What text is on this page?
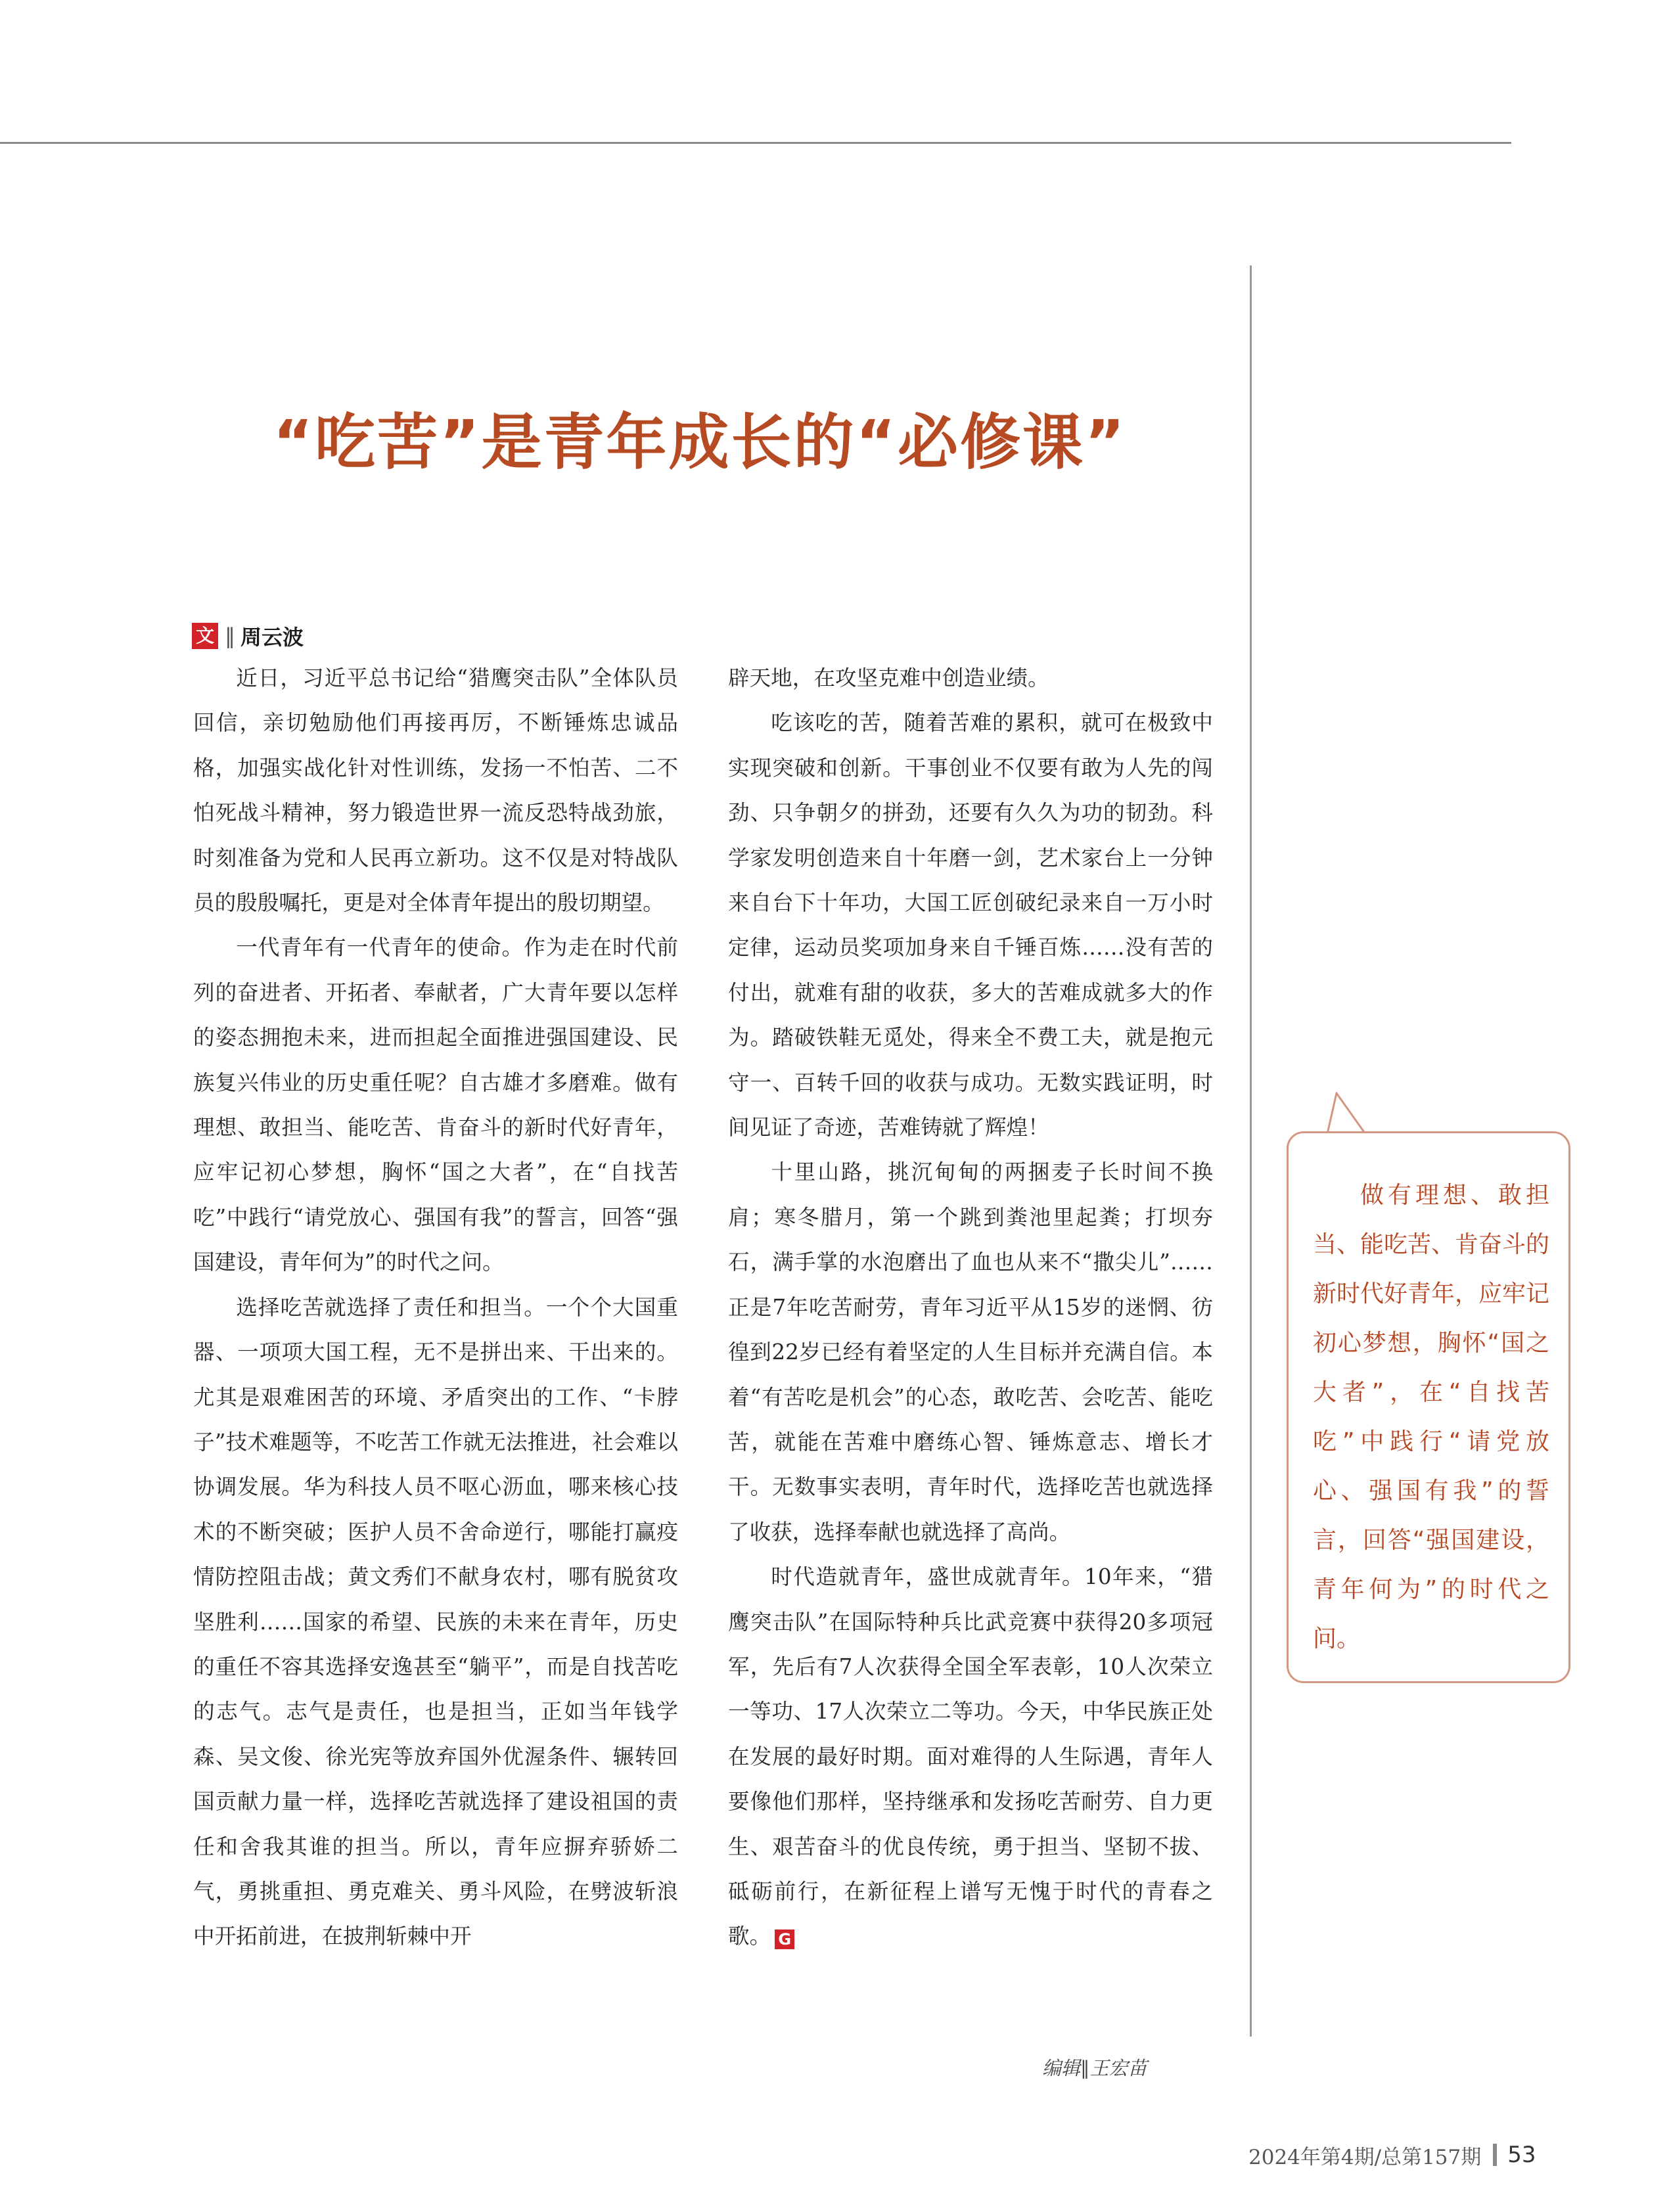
“吃苦”是青年成长的“必修课”
文 ‖ 周云波

近日，习近平总书记给“猎鹰突击队”全体队员回信，亲切勉励他们再接再厉，不断锤炼忠诚品格，加强实战化针对性训练，发扬一不怕苦、二不怕死战斗精神，努力锻造世界一流反恐特战劲旅，时刻准备为党和人民再立新功。这不仅是对特战队员的殷殷嘱托，更是对全体青年提出的殷切期望。

一代青年有一代青年的使命。作为走在时代前列的奋进者、开拓者、奉献者，广大青年要以怎样的姿态拥抱未来，进而担起全面推进强国建设、民族复兴伟业的历史重任呢？自古雄才多磨难。做有理想、敢担当、能吃苦、肯奋斗的新时代好青年，应牢记初心梦想，胸怀“国之大者”，在“自找苦吃”中践行“请党放心、强国有我”的誓言，回答“强国建设，青年何为”的时代之问。

选择吃苦就选择了责任和担当。一个个大国重器、一项项大国工程，无不是拼出来、干出来的。尤其是艰难困苦的环境、矛盾突出的工作、“卡脖子”技术难题等，不吃苦工作就无法推进，社会难以协调发展。华为科技人员不呕心沥血，哪来核心技术的不断突破；医护人员不舍命逆行，哪能打赢疫情防控阻击战；黄文秀们不献身农村，哪有脱贫攻坚胜利……国家的希望、民族的未来在青年，历史的重任不容其选择安逸甚至“躺平”，而是自找苦吃的志气。志气是责任，也是担当，正如当年钱学森、吴文俊、徐光宪等放弃国外优渥条件、辗转回国贡献力量一样，选择吃苦就选择了建设祖国的责任和舍我其谁的担当。所以，青年应摒弃骄娇二气，勇挑重担、勇克难关、勇斗风险，在劈波斩浪中开拓前进，在披荆斩棘中开

辟天地，在攻坚克难中创造业绩。

吃该吃的苦，随着苦难的累积，就可在极致中实现突破和创新。干事创业不仅要有敢为人先的闯劲、只争朝夕的拼劲，还要有久久为功的韧劲。科学家发明创造来自十年磨一剑，艺术家台上一分钟来自台下十年功，大国工匠创破纪录来自一万小时定律，运动员奖项加身来自千锤百炼……没有苦的付出，就难有甜的收获，多大的苦难成就多大的作为。踏破铁鞋无觅处，得来全不费工夫，就是抱元守一、百转千回的收获与成功。无数实践证明，时间见证了奇迹，苦难铸就了辉煌！

十里山路，挑沉甸甸的两捆麦子长时间不换肩；寒冬腊月，第一个跳到粪池里起粪；打坝夯石，满手掌的水泡磨出了血也从来不“撒尖儿”……正是7年吃苦耐劳，青年习近平从15岁的迷惘、彷徨到22岁已经有着坚定的人生目标并充满自信。本着“有苦吃是机会”的心态，敢吃苦、会吃苦、能吃苦，就能在苦难中磨练心智、锤炼意志、增长才干。无数事实表明，青年时代，选择吃苦也就选择了收获，选择奉献也就选择了高尚。

时代造就青年，盛世成就青年。10年来，“猎鹰突击队”在国际特种兵比武竞赛中获得20多项冠军，先后有7人次获得全国全军表彰，10人次荣立一等功、17人次荣立二等功。今天，中华民族正处在发展的最好时期。面对难得的人生际遇，青年人要像他们那样，坚持继承和发扬吃苦耐劳、自力更生、艰苦奋斗的优良传统，勇于担当、坚韧不拔、砥砺前行，在新征程上谱写无愧于时代的青春之歌。 G

做有理想、敢担当、能吃苦、肯奋斗的新时代好青年，应牢记初心梦想，胸怀“国之大者”，在“自找苦吃”中践行“请党放心、强国有我”的誓言，回答“强国建设，青年何为”的时代之问。
编辑∥王宏苗
2024年第4期/总第157期 53
